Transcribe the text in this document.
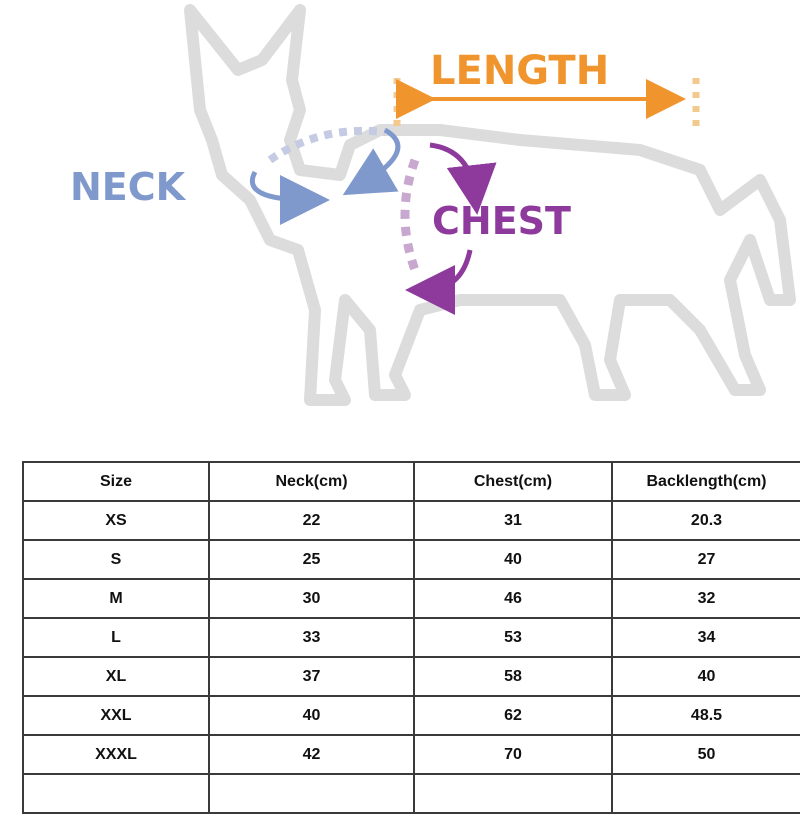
LENGTH
NECK
CHEST
Size	Neck(cm)	Chest(cm)	Backlength(cm)
XS	22	31	20.3
S	25	40	27
M	30	46	32
L	33	53	34
XL	37	58	40
XXL	40	62	48.5
XXXL	42	70	50
